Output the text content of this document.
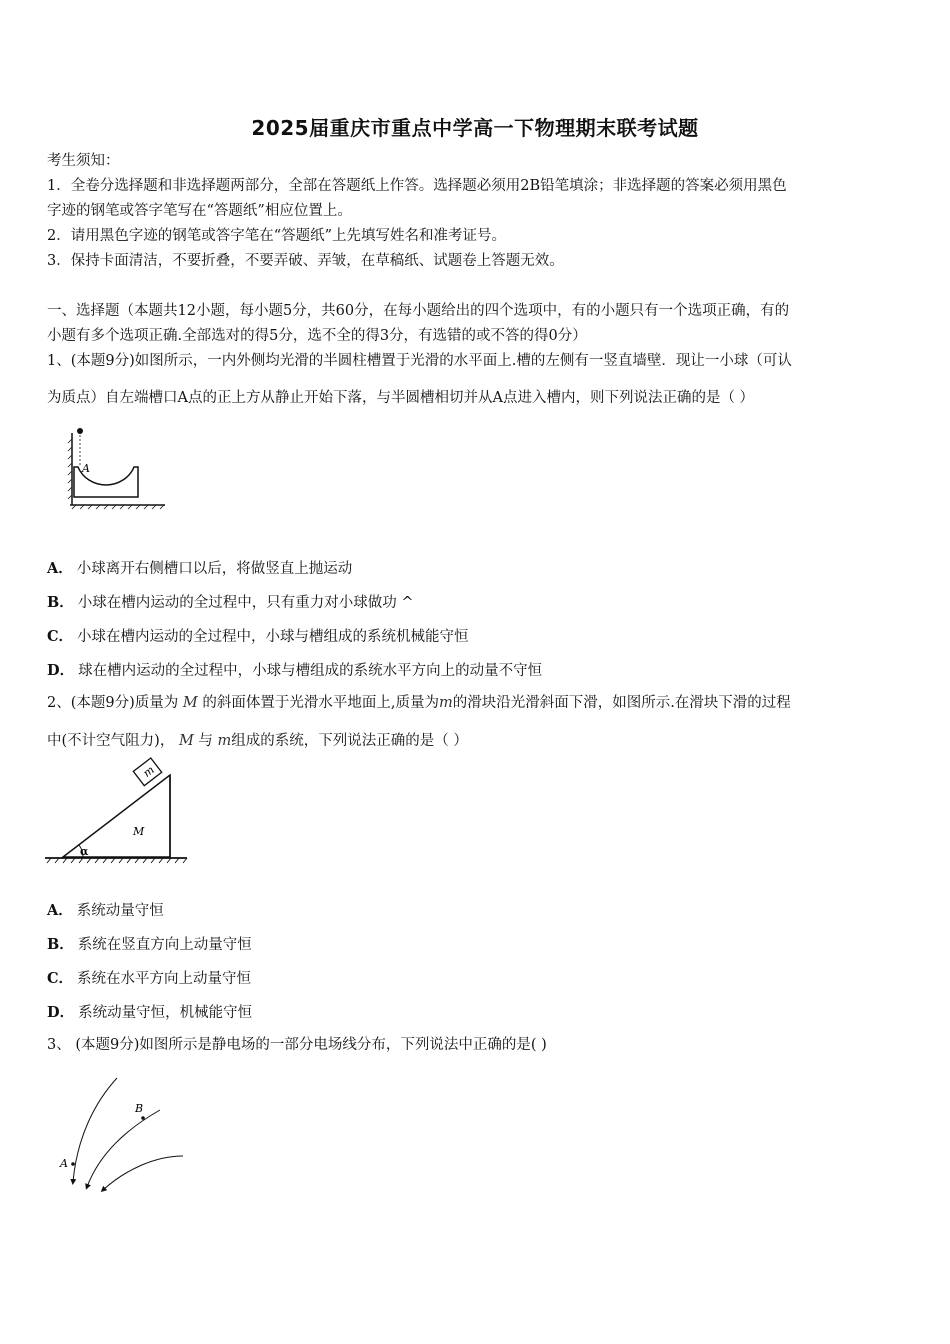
2025届重庆市重点中学高一下物理期末联考试题
考生须知：
1．全卷分选择题和非选择题两部分，全部在答题纸上作答。选择题必须用2B铅笔填涂；非选择题的答案必须用黑色
字迹的钢笔或答字笔写在“答题纸”相应位置上。
2．请用黑色字迹的钢笔或答字笔在“答题纸”上先填写姓名和准考证号。
3．保持卡面清洁，不要折叠，不要弄破、弄皱，在草稿纸、试题卷上答题无效。
一、选择题（本题共12小题，每小题5分，共60分，在每小题给出的四个选项中，有的小题只有一个选项正确，有的
小题有多个选项正确.全部选对的得5分，选不全的得3分，有选错的或不答的得0分）
1、(本题9分)如图所示，一内外侧均光滑的半圆柱槽置于光滑的水平面上.槽的左侧有一竖直墙壁．现让一小球（可认
为质点）自左端槽口A点的正上方从静止开始下落，与半圆槽相切并从A点进入槽内，则下列说法正确的是（ ）
A
A． 小球离开右侧槽口以后，将做竖直上抛运动
B． 小球在槽内运动的全过程中，只有重力对小球做功 ^
C． 小球在槽内运动的全过程中，小球与槽组成的系统机械能守恒
D． 球在槽内运动的全过程中，小球与槽组成的系统水平方向上的动量不守恒
2、(本题9分)质量为 M 的斜面体置于光滑水平地面上,质量为m的滑块沿光滑斜面下滑，如图所示.在滑块下滑的过程
中(不计空气阻力)， M 与 m组成的系统，下列说法正确的是（ ）
m
α
M
A． 系统动量守恒
B． 系统在竖直方向上动量守恒
C． 系统在水平方向上动量守恒
D． 系统动量守恒，机械能守恒
3、 (本题9分)如图所示是静电场的一部分电场线分布，下列说法中正确的是( )
A
B
